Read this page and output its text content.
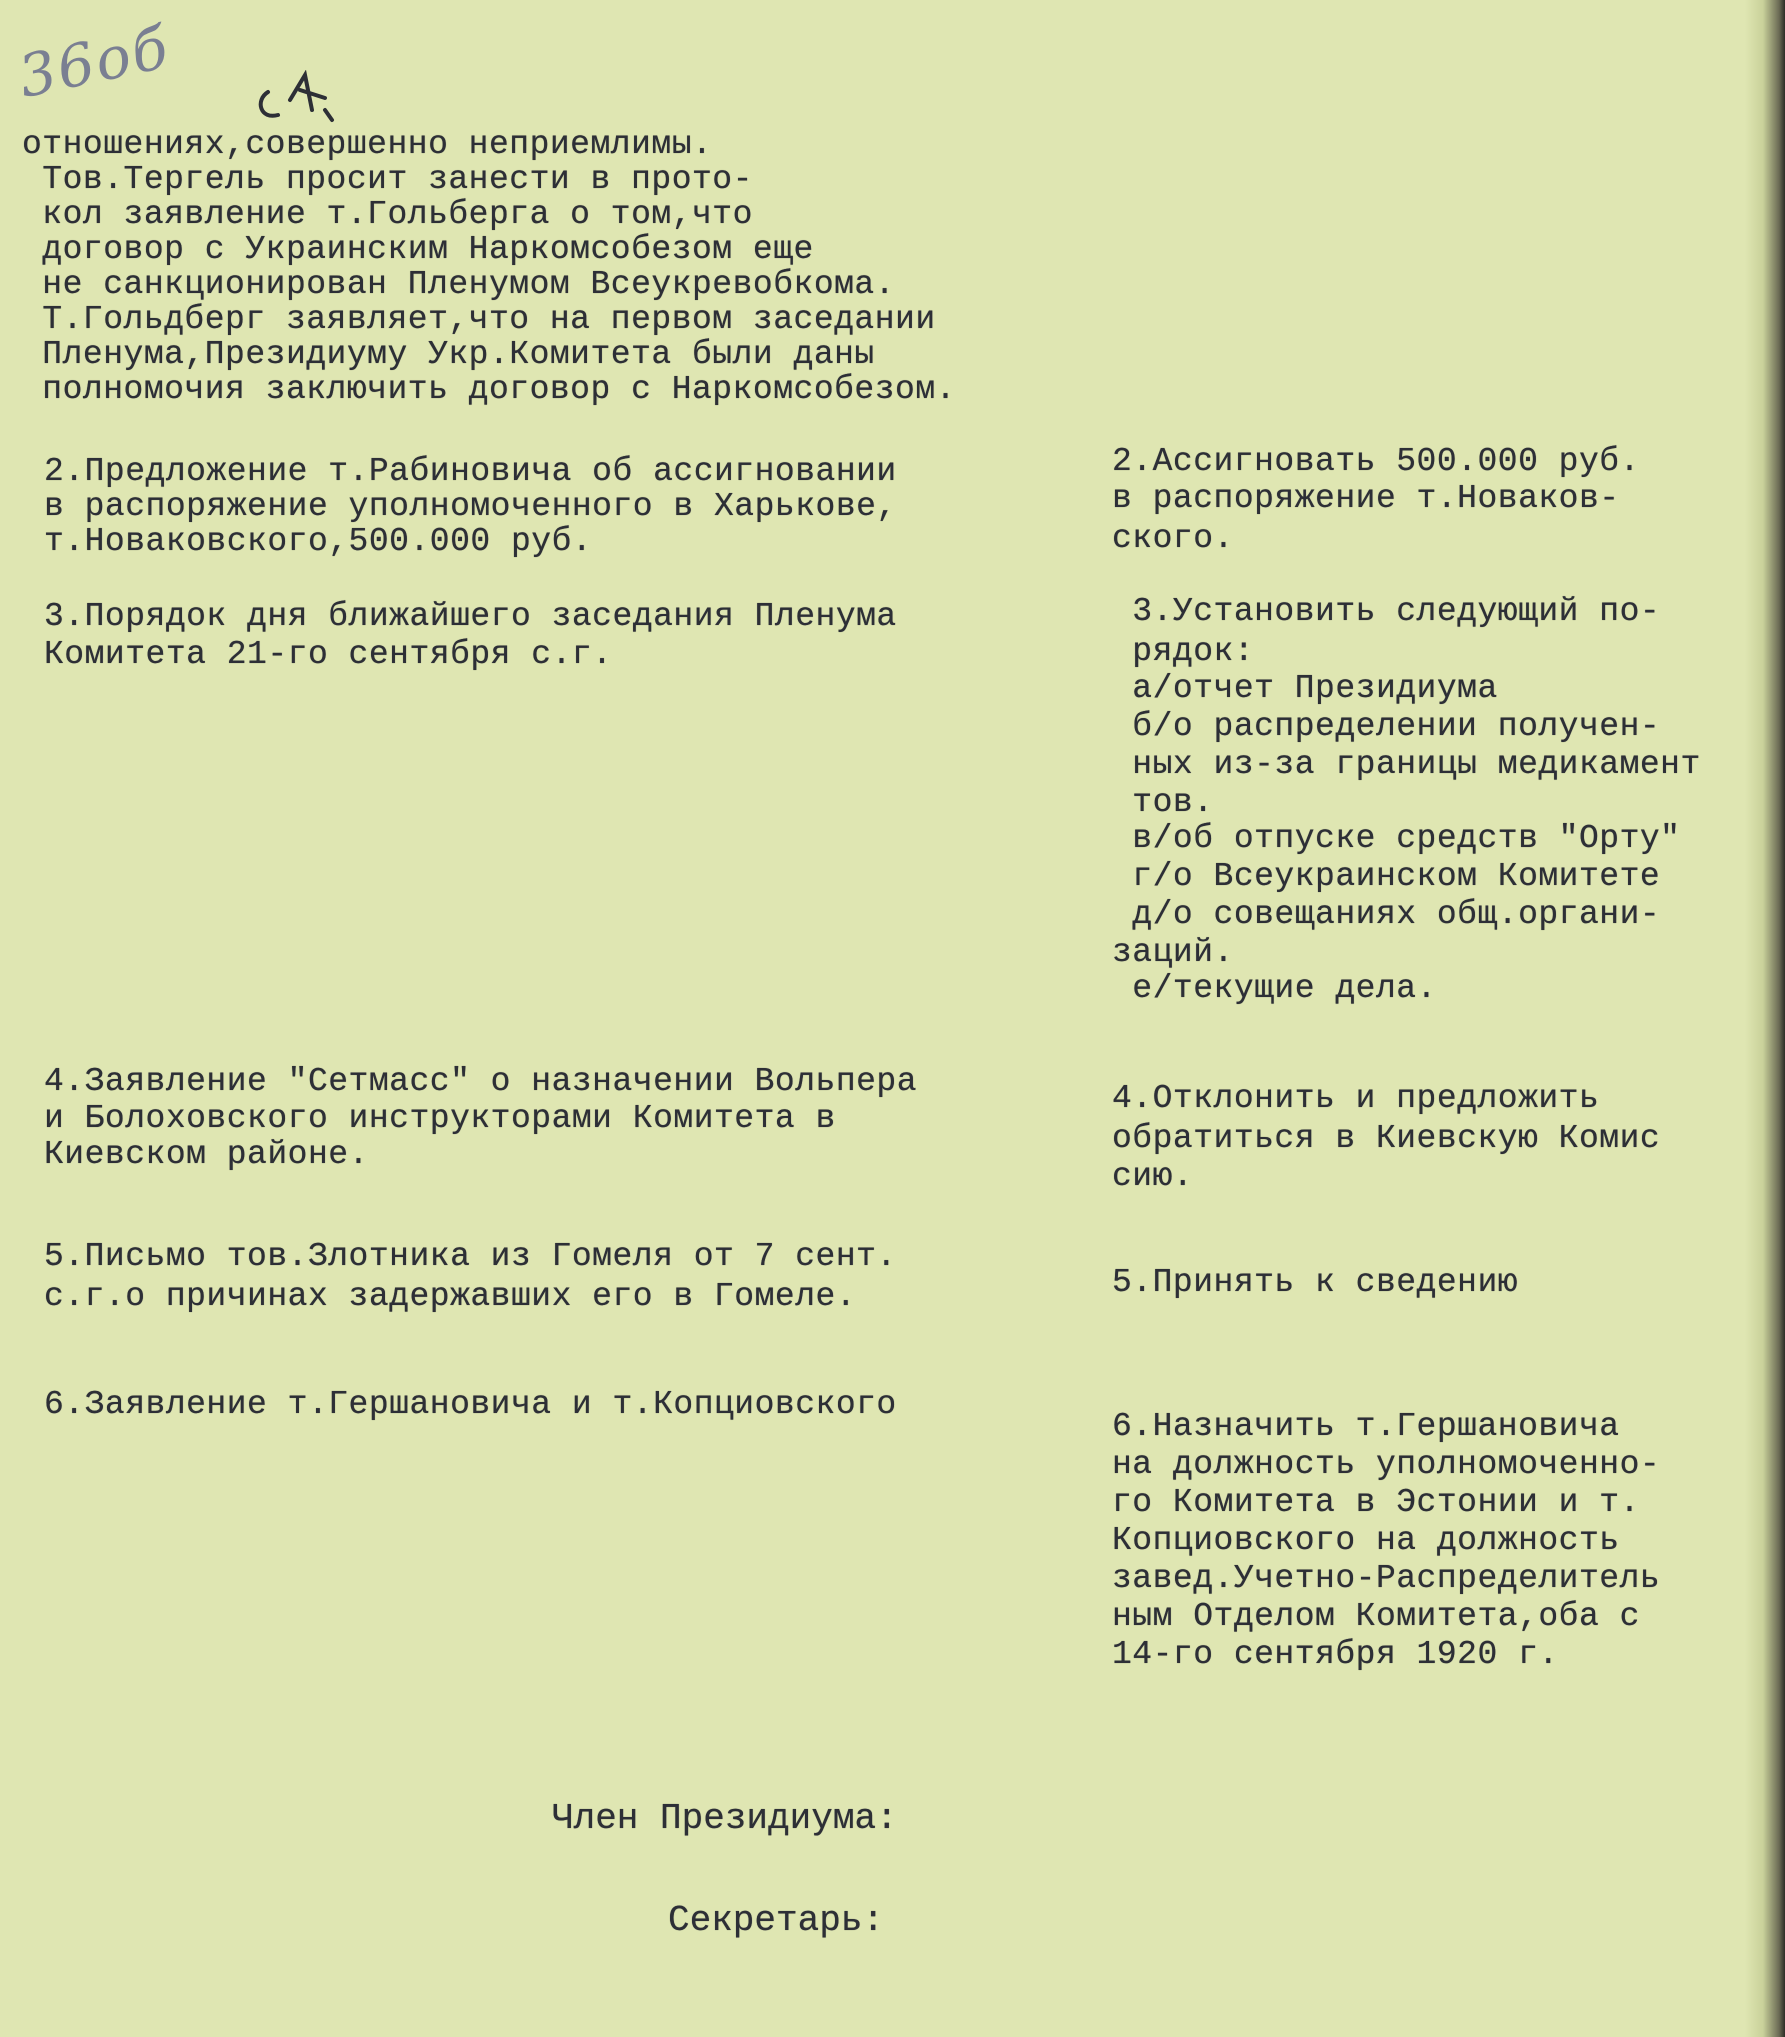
36об
отношениях,совершенно неприемлимы.
Тов.Тергель просит занести в прото-
кол заявление т.Гольберга о том,что
договор с Украинским Наркомсобезом еще
не санкционирован Пленумом Всеукревобкома.
Т.Гольдберг заявляет,что на первом заседании
Пленума,Президиуму Укр.Комитета были даны
полномочия заключить договор с Наркомсобезом.
2.Предложение т.Рабиновича об ассигновании
в распоряжение уполномоченного в Харькове,
т.Новаковского,500.000 руб.
2.Ассигновать 500.000 руб.
в распоряжение т.Новаков-
ского.
3.Порядок дня ближайшего заседания Пленума
Комитета 21-го сентября с.г.
3.Установить следующий по-
рядок:
а/отчет Президиума
б/о распределении получен-
ных из-за границы медикамент
тов.
в/об отпуске средств "Орту"
г/о Всеукраинском Комитете
д/о совещаниях общ.органи-
заций.
е/текущие дела.
4.Заявление "Сетмасс" о назначении Вольпера
и Болоховского инструкторами Комитета в
Киевском районе.
4.Отклонить и предложить
обратиться в Киевскую Комис
сию.
5.Письмо тов.Злотника из Гомеля от 7 сент.
с.г.о причинах задержавших его в Гомеле.	5.Принять к сведению
6.Заявление т.Гершановича и т.Копциовского
6.Назначить т.Гершановича
на должность уполномоченно-
го Комитета в Эстонии и т.
Копциовского на должность
завед.Учетно-Распределитель
ным Отделом Комитета,оба с
14-го сентября 1920 г.
Член Президиума:
Секретарь:
